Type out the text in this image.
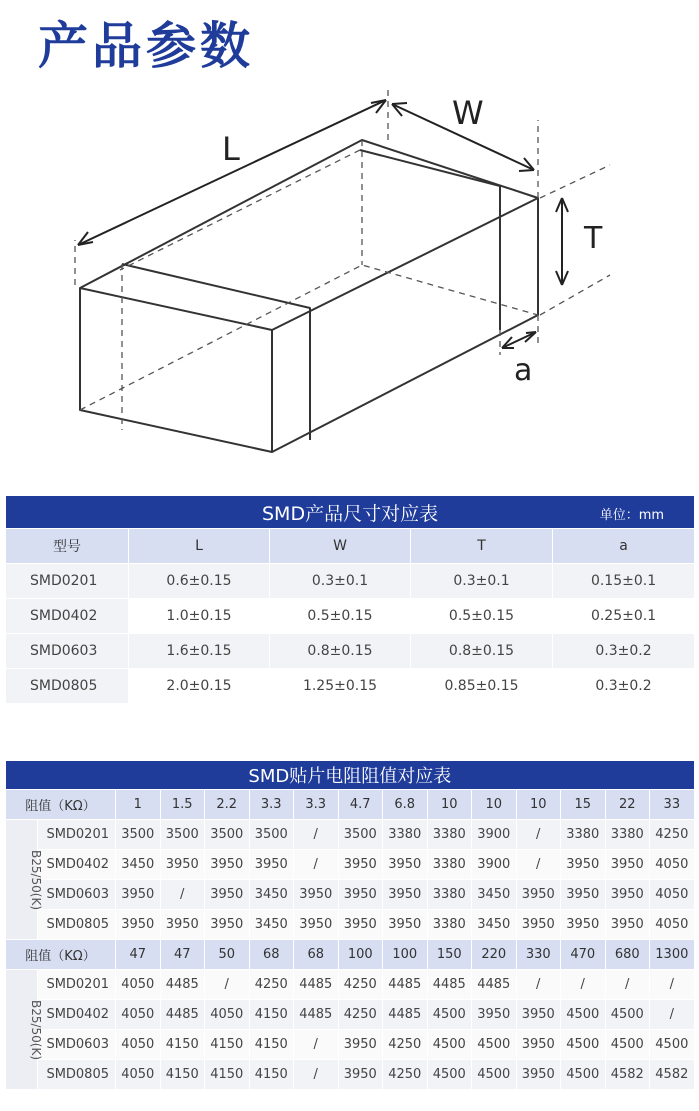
产品参数
L
W
T
a
SMD产品尺寸对应表 单位：mm				

型号	L	W	T	a
SMD0201	0.6±0.15	0.3±0.1	0.3±0.1	0.15±0.1
SMD0402	1.0±0.15	0.5±0.15	0.5±0.15	0.25±0.1
SMD0603	1.6±0.15	0.8±0.15	0.8±0.15	0.3±0.2
SMD0805	2.0±0.15	1.25±0.15	0.85±0.15	0.3±0.2
SMD贴片电阻阻值对应表														
阻值（KΩ）		1	1.5	2.2	3.3	3.3	4.7	6.8	10	10	10	15	22	33
B25/50(K)	SMD0201	3500	3500	3500	3500	/	3500	3380	3380	3900	/	3380	3380	4250
	SMD0402	3450	3950	3950	3950	/	3950	3950	3380	3900	/	3950	3950	4050
	SMD0603	3950	/	3950	3450	3950	3950	3950	3380	3450	3950	3950	3950	4050
	SMD0805	3950	3950	3950	3450	3950	3950	3950	3380	3450	3950	3950	3950	4050
阻值（KΩ）		47	47	50	68	68	100	100	150	220	330	470	680	1300
B25/50(K)	SMD0201	4050	4485	/	4250	4485	4250	4485	4485	4485	/	/	/	/
	SMD0402	4050	4485	4050	4150	4485	4250	4485	4500	3950	3950	4500	4500	/
	SMD0603	4050	4150	4150	4150	/	3950	4250	4500	4500	3950	4500	4500	4500
	SMD0805	4050	4150	4150	4150	/	3950	4250	4500	4500	3950	4500	4582	4582
